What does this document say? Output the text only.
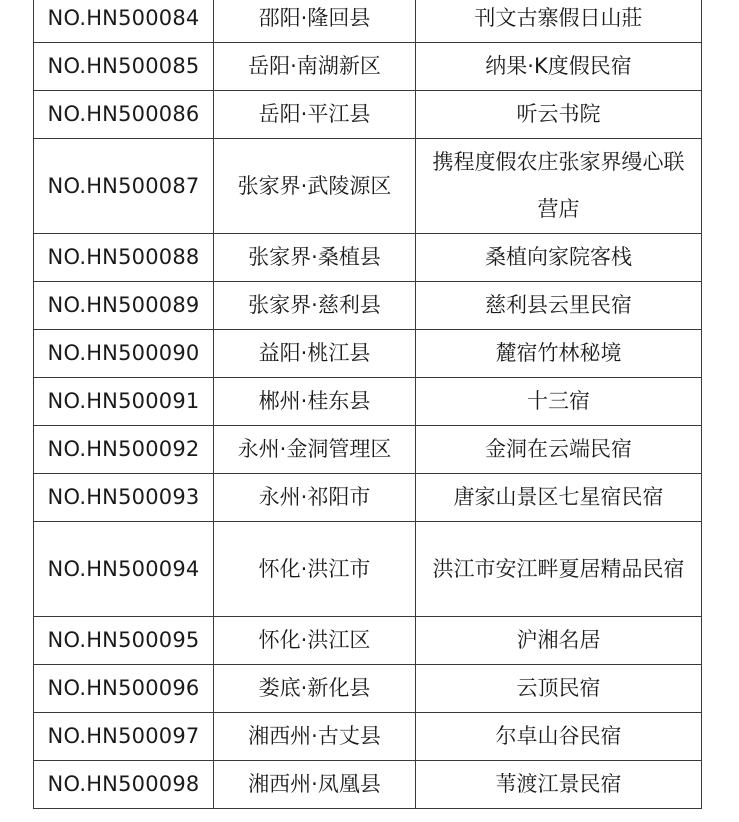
NO.HN500084	邵阳·隆回县	刊文古寨假日山莊
NO.HN500085	岳阳·南湖新区	纳果·K度假民宿
NO.HN500086	岳阳·平江县	听云书院
NO.HN500087	张家界·武陵源区	携程度假农庄张家界缦心联营店
NO.HN500088	张家界·桑植县	桑植向家院客栈
NO.HN500089	张家界·慈利县	慈利县云里民宿
NO.HN500090	益阳·桃江县	麓宿竹林秘境
NO.HN500091	郴州·桂东县	十三宿
NO.HN500092	永州·金洞管理区	金洞在云端民宿
NO.HN500093	永州·祁阳市	唐家山景区七星宿民宿
NO.HN500094	怀化·洪江市	洪江市安江畔夏居精品民宿
NO.HN500095	怀化·洪江区	沪湘名居
NO.HN500096	娄底·新化县	云顶民宿
NO.HN500097	湘西州·古丈县	尔卓山谷民宿
NO.HN500098	湘西州·凤凰县	苇渡江景民宿
